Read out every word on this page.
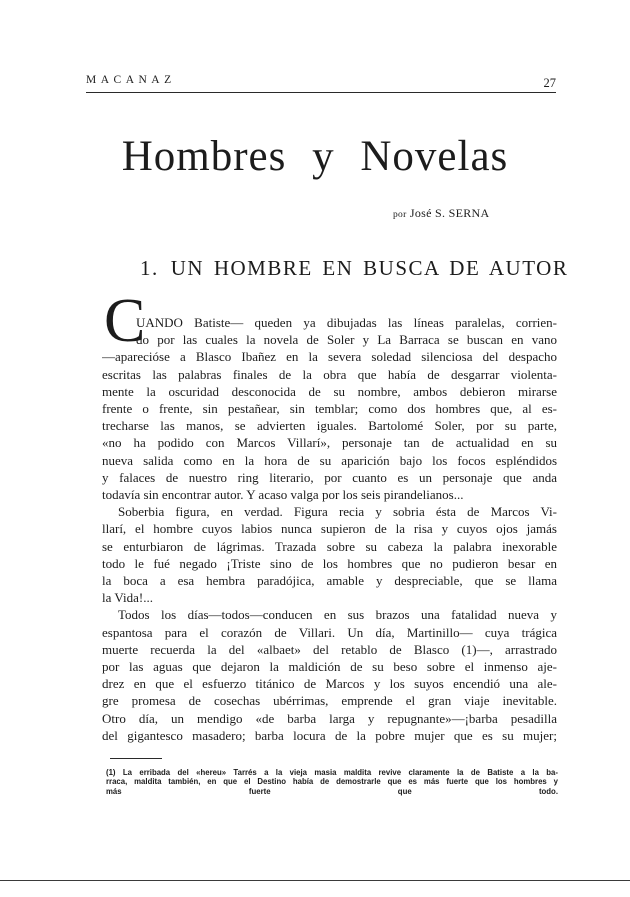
MACANAZ	27
Hombres y Novelas
por José S. SERNA
1. UN HOMBRE EN BUSCA DE AUTOR
C
UANDO Batiste— queden ya dibujadas las líneas paralelas, corrien-
do por las cuales la novela de Soler y La Barraca se buscan en vano
—aparecióse a Blasco Ibañez en la severa soledad silenciosa del despacho
escritas las palabras finales de la obra que había de desgarrar violenta-
mente la oscuridad desconocida de su nombre, ambos debieron mirarse
frente o frente, sin pestañear, sin temblar; como dos hombres que, al es-
trecharse las manos, se advierten iguales. Bartolomé Soler, por su parte,
«no ha podido con Marcos Villarí», personaje tan de actualidad en su
nueva salida como en la hora de su aparición bajo los focos espléndidos
y falaces de nuestro ring literario, por cuanto es un personaje que anda
todavía sin encontrar autor. Y acaso valga por los seis pirandelianos...
Soberbia figura, en verdad. Figura recia y sobria ésta de Marcos Vi-
llarí, el hombre cuyos labios nunca supieron de la risa y cuyos ojos jamás
se enturbiaron de lágrimas. Trazada sobre su cabeza la palabra inexorable
todo le fué negado ¡Triste sino de los hombres que no pudieron besar en
la boca a esa hembra paradójica, amable y despreciable, que se llama
la Vida!...
Todos los días—todos—conducen en sus brazos una fatalidad nueva y
espantosa para el corazón de Villari. Un día, Martinillo— cuya trágica
muerte recuerda la del «albaet» del retablo de Blasco (1)—, arrastrado
por las aguas que dejaron la maldición de su beso sobre el inmenso aje-
drez en que el esfuerzo titánico de Marcos y los suyos encendió una ale-
gre promesa de cosechas ubérrimas, emprende el gran viaje inevitable.
Otro día, un mendigo «de barba larga y repugnante»—¡barba pesadilla
del gigantesco masadero; barba locura de la pobre mujer que es su mujer;
(1) La erribada del «hereu» Tarrés a la vieja masia maldita revive claramente la de Batiste a la ba-
rraca, maldita también, en que el Destino había de demostrarle que es más fuerte que los hombres y
más fuerte que todo.
